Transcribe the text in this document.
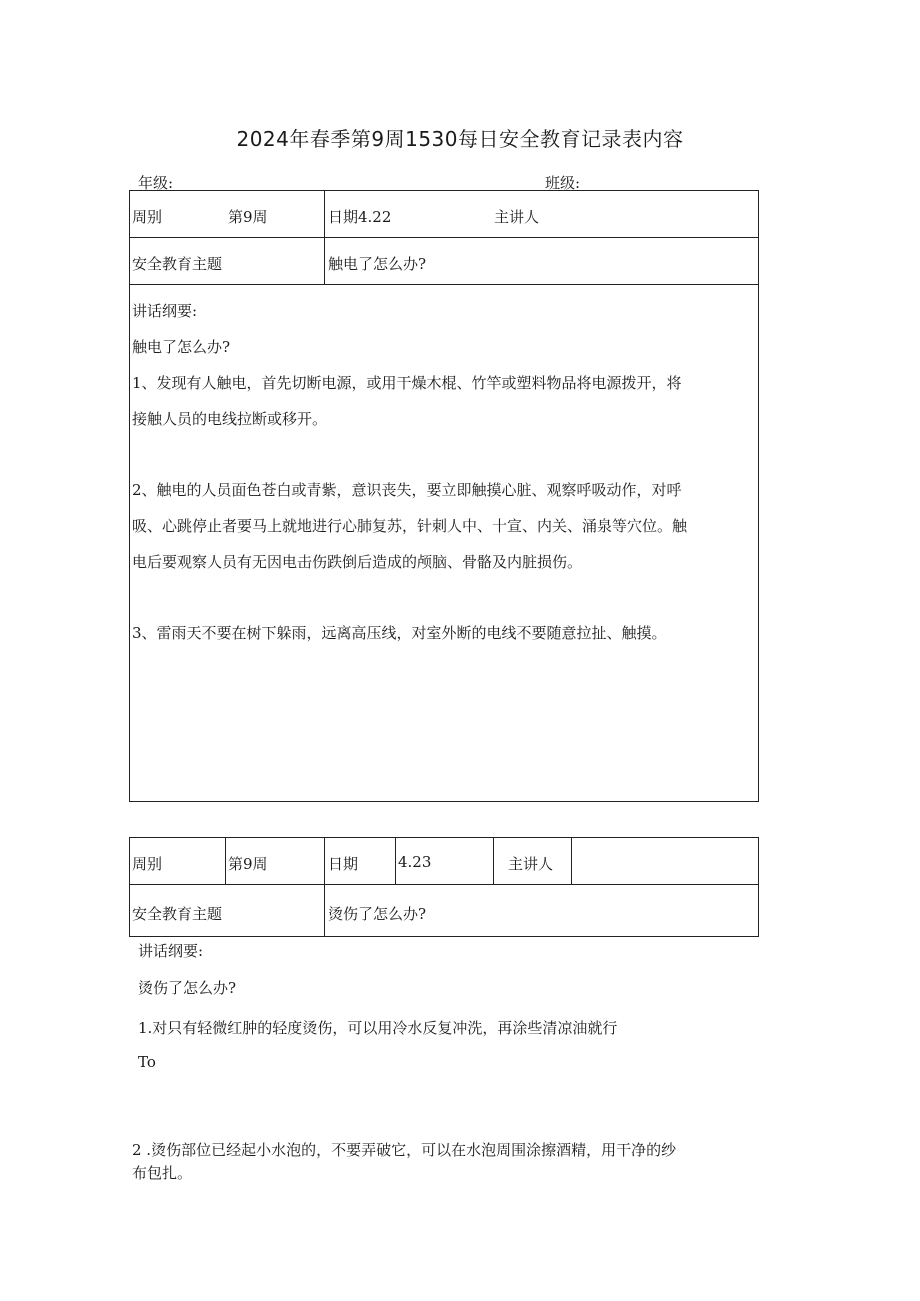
2024年春季第9周1530每日安全教育记录表内容
年级:	班级:
周别	第9周	日期4.22	主讲人
安全教育主题	触电了怎么办?
讲话纲要:
触电了怎么办?
1、发现有人触电，首先切断电源，或用干燥木棍、竹竿或塑料物品将电源拨开，将
接触人员的电线拉断或移开。
2、触电的人员面色苍白或青紫，意识丧失，要立即触摸心脏、观察呼吸动作，对呼
吸、心跳停止者要马上就地进行心肺复苏，针刺人中、十宣、内关、涌泉等穴位。触
电后要观察人员有无因电击伤跌倒后造成的颅脑、骨骼及内脏损伤。
3、雷雨天不要在树下躲雨，远离高压线，对室外断的电线不要随意拉扯、触摸。
周别	第9周	日期	4.23	主讲人
安全教育主题	烫伤了怎么办?
讲话纲要:
烫伤了怎么办?
1.对只有轻微红肿的轻度烫伤，可以用冷水反复冲洗，再涂些清凉油就行
To
2 .烫伤部位已经起小水泡的，不要弄破它，可以在水泡周围涂擦酒精，用干净的纱
布包扎。
